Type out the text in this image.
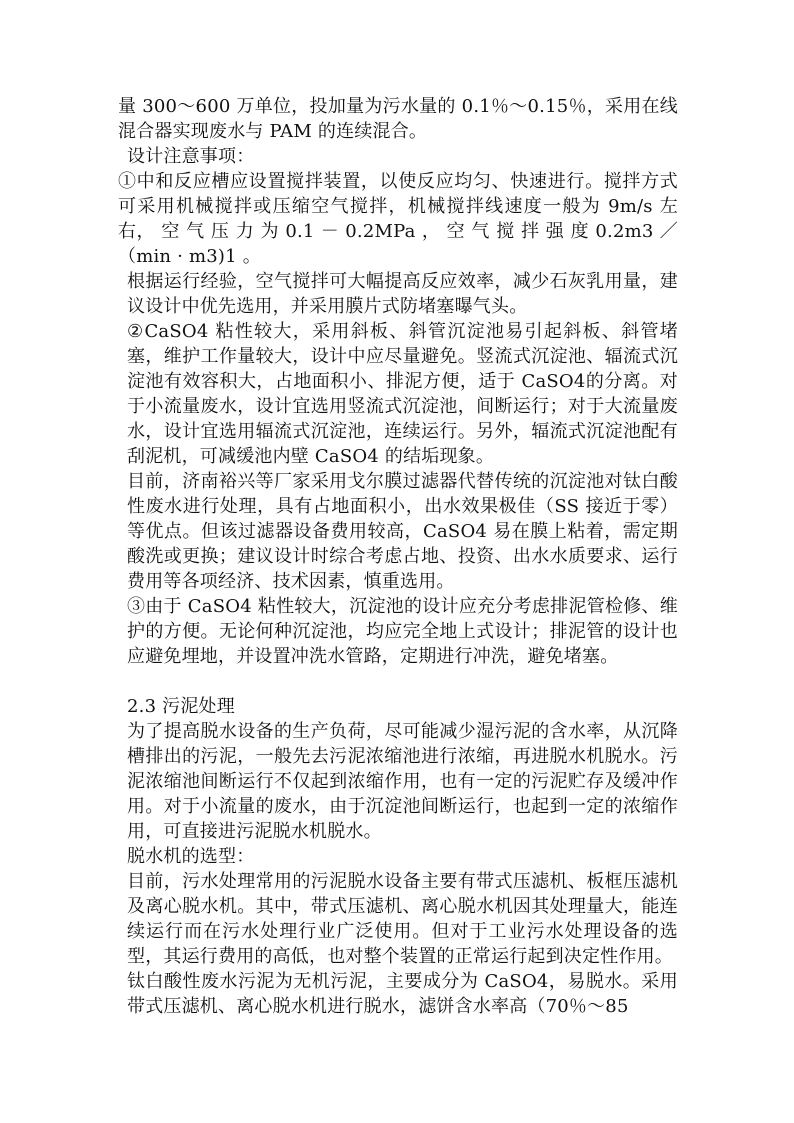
量 300～600 万单位，投加量为污水量的 0.1％～0.15％，采用在线混合器实现废水与 PAM 的连续混合。

设计注意事项：

①中和反应槽应设置搅拌装置，以使反应均匀、快速进行。搅拌方式可采用机械搅拌或压缩空气搅拌，机械搅拌线速度一般为 9m/s 左右， 空 气 压 力 为 0.1 － 0.2MPa ， 空 气 搅 拌 强 度 0.2m3 ／

（min · m3)1 。

根据运行经验，空气搅拌可大幅提高反应效率，减少石灰乳用量，建议设计中优先选用，并采用膜片式防堵塞曝气头。

②CaSO4 粘性较大，采用斜板、斜管沉淀池易引起斜板、斜管堵塞，维护工作量较大，设计中应尽量避免。竖流式沉淀池、辐流式沉淀池有效容积大，占地面积小、排泥方便，适于 CaSO4的分离。对于小流量废水，设计宜选用竖流式沉淀池，间断运行；对于大流量废水，设计宜选用辐流式沉淀池，连续运行。另外，辐流式沉淀池配有刮泥机，可减缓池内壁 CaSO4 的结垢现象。

目前，济南裕兴等厂家采用戈尔膜过滤器代替传统的沉淀池对钛白酸性废水进行处理，具有占地面积小，出水效果极佳（SS 接近于零）等优点。但该过滤器设备费用较高，CaSO4 易在膜上粘着，需定期酸洗或更换；建议设计时综合考虑占地、投资、出水水质要求、运行费用等各项经济、技术因素，慎重选用。

③由于 CaSO4 粘性较大，沉淀池的设计应充分考虑排泥管检修、维护的方便。无论何种沉淀池，均应完全地上式设计；排泥管的设计也应避免埋地，并设置冲洗水管路，定期进行冲洗，避免堵塞。

2.3 污泥处理

为了提高脱水设备的生产负荷，尽可能减少湿污泥的含水率，从沉降槽排出的污泥，一般先去污泥浓缩池进行浓缩，再进脱水机脱水。污泥浓缩池间断运行不仅起到浓缩作用，也有一定的污泥贮存及缓冲作用。对于小流量的废水，由于沉淀池间断运行，也起到一定的浓缩作用，可直接进污泥脱水机脱水。

脱水机的选型：

目前，污水处理常用的污泥脱水设备主要有带式压滤机、板框压滤机及离心脱水机。其中，带式压滤机、离心脱水机因其处理量大，能连续运行而在污水处理行业广泛使用。但对于工业污水处理设备的选型，其运行费用的高低，也对整个装置的正常运行起到决定性作用。

钛白酸性废水污泥为无机污泥，主要成分为 CaSO4，易脱水。采用带式压滤机、离心脱水机进行脱水，滤饼含水率高（70％～85
